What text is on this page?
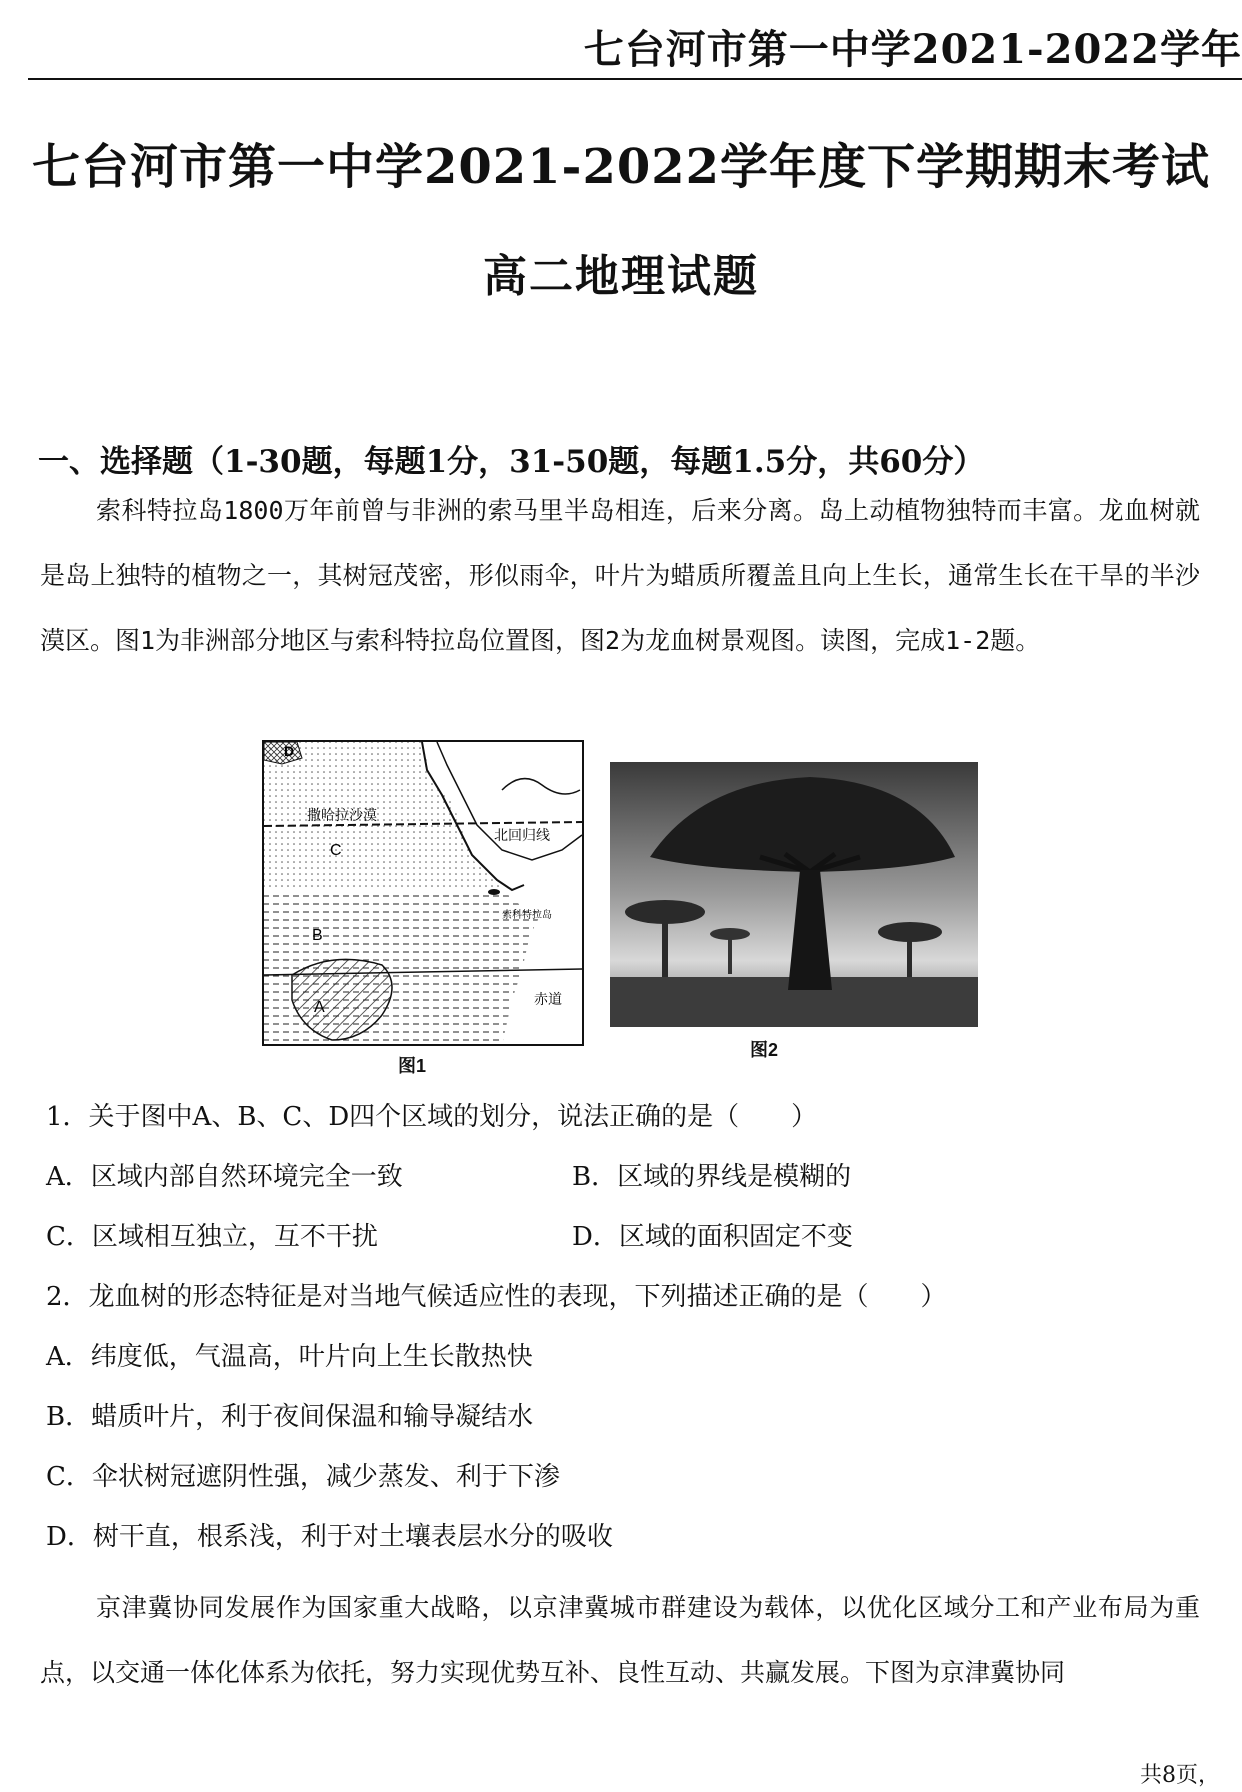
七台河市第一中学2021-2022学年
七台河市第一中学2021-2022学年度下学期期末考试
高二地理试题
一、选择题（1-30题，每题1分，31-50题，每题1.5分，共60分）

索科特拉岛1800万年前曾与非洲的索马里半岛相连，后来分离。岛上动植物独特而丰富。龙血树就是岛上独特的植物之一，其树冠茂密，形似雨伞，叶片为蜡质所覆盖且向上生长，通常生长在干旱的半沙漠区。图1为非洲部分地区与索科特拉岛位置图，图2为龙血树景观图。读图，完成1-2题。

D
撒哈拉沙漠
C
B
A
北回归线
赤道
索科特拉岛
图1
图2
1．关于图中A、B、C、D四个区域的划分，说法正确的是（　　）
A．区域内部自然环境完全一致	B．区域的界线是模糊的
C．区域相互独立，互不干扰	D．区域的面积固定不变
2．龙血树的形态特征是对当地气候适应性的表现，下列描述正确的是（　　）
A．纬度低，气温高，叶片向上生长散热快
B．蜡质叶片，利于夜间保温和输导凝结水
C．伞状树冠遮阴性强，减少蒸发、利于下渗
D．树干直，根系浅，利于对土壤表层水分的吸收

京津冀协同发展作为国家重大战略，以京津冀城市群建设为载体，以优化区域分工和产业布局为重点，以交通一体化体系为依托，努力实现优势互补、良性互动、共赢发展。下图为京津冀协同

共8页，
